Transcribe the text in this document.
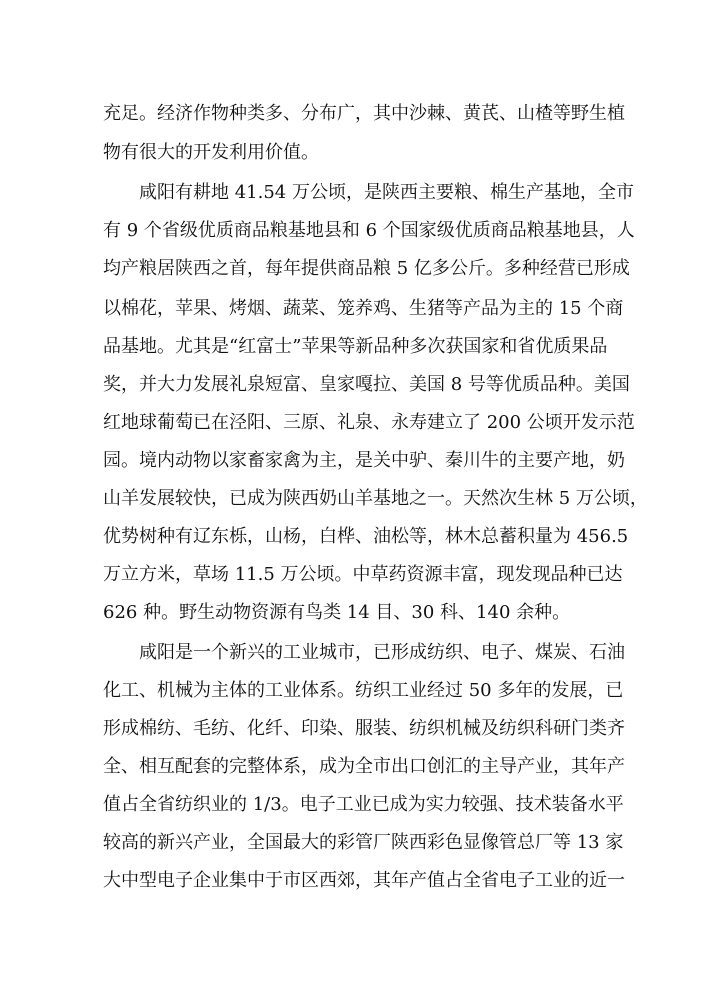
充足。经济作物种类多、分布广，其中沙棘、黄芪、山楂等野生植
物有很大的开发利用价值。
咸阳有耕地 41.54 万公顷，是陕西主要粮、棉生产基地，全市
有 9 个省级优质商品粮基地县和 6 个国家级优质商品粮基地县，人
均产粮居陕西之首，每年提供商品粮 5 亿多公斤。多种经营已形成
以棉花，苹果、烤烟、蔬菜、笼养鸡、生猪等产品为主的 15 个商
品基地。尤其是“红富士”苹果等新品种多次获国家和省优质果品
奖，并大力发展礼泉短富、皇家嘎拉、美国 8 号等优质品种。美国
红地球葡萄已在泾阳、三原、礼泉、永寿建立了 200 公顷开发示范
园。境内动物以家畜家禽为主，是关中驴、秦川牛的主要产地，奶
山羊发展较快，已成为陕西奶山羊基地之一。天然次生林 5 万公顷，
优势树种有辽东栎，山杨，白桦、油松等，林木总蓄积量为 456.5
万立方米，草场 11.5 万公顷。中草药资源丰富，现发现品种已达
626 种。野生动物资源有鸟类 14 目、30 科、140 余种。
咸阳是一个新兴的工业城市，已形成纺织、电子、煤炭、石油
化工、机械为主体的工业体系。纺织工业经过 50 多年的发展，已
形成棉纺、毛纺、化纤、印染、服装、纺织机械及纺织科研门类齐
全、相互配套的完整体系，成为全市出口创汇的主导产业，其年产
值占全省纺织业的 1/3。电子工业已成为实力较强、技术装备水平
较高的新兴产业，全国最大的彩管厂陕西彩色显像管总厂等 13 家
大中型电子企业集中于市区西郊，其年产值占全省电子工业的近一
